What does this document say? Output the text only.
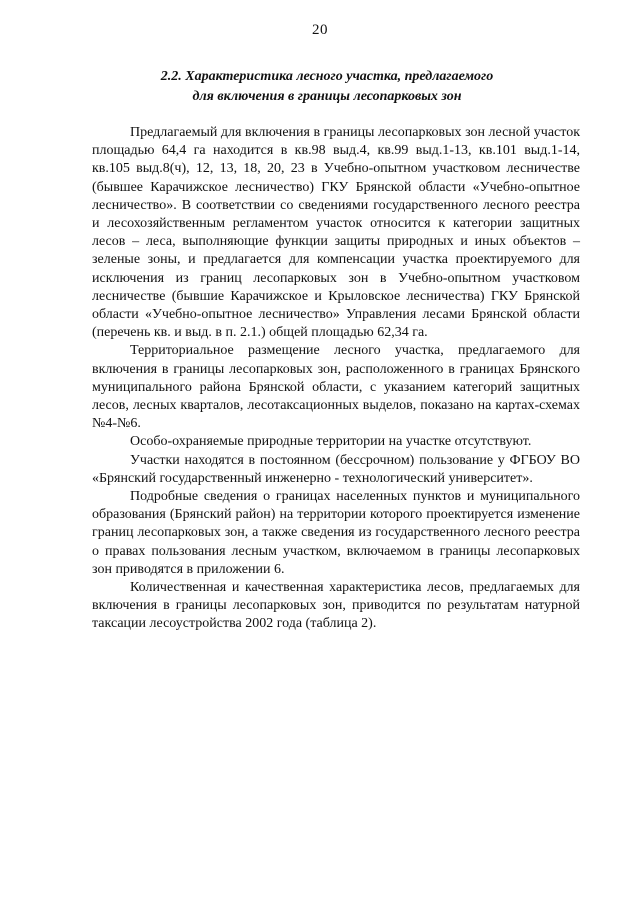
20
2.2. Характеристика лесного участка, предлагаемого
для включения в границы лесопарковых зон

Предлагаемый для включения в границы лесопарковых зон лесной участок площадью 64,4 га находится в кв.98 выд.4, кв.99 выд.1-13, кв.101 выд.1-14, кв.105 выд.8(ч), 12, 13, 18, 20, 23 в Учебно-опытном участковом лесничестве (бывшее Карачижское лесничество) ГКУ Брянской области «Учебно-опытное лесничество». В соответствии со сведениями государственного лесного реестра и лесохозяйственным регламентом участок относится к категории защитных лесов – леса, выполняющие функции защиты природных и иных объектов – зеленые зоны, и предлагается для компенсации участка проектируемого для исключения из границ лесопарковых зон в Учебно-опытном участковом лесничестве (бывшие Карачижское и Крыловское лесничества) ГКУ Брянской области «Учебно-опытное лесничество» Управления лесами Брянской области (перечень кв. и выд. в п. 2.1.) общей площадью 62,34 га.

Территориальное размещение лесного участка, предлагаемого для включения в границы лесопарковых зон, расположенного в границах Брянского муниципального района Брянской области, с указанием категорий защитных лесов, лесных кварталов, лесотаксационных выделов, показано на картах-схемах №4-№6.

Особо-охраняемые природные территории на участке отсутствуют.

Участки находятся в постоянном (бессрочном) пользование у ФГБОУ ВО «Брянский государственный инженерно - технологический университет».

Подробные сведения о границах населенных пунктов и муниципального образования (Брянский район) на территории которого проектируется изменение границ лесопарковых зон, а также сведения из государственного лесного реестра о правах пользования лесным участком, включаемом в границы лесопарковых зон приводятся в приложении 6.

Количественная и качественная характеристика лесов, предлагаемых для включения в границы лесопарковых зон, приводится по результатам натурной таксации лесоустройства 2002 года (таблица 2).
